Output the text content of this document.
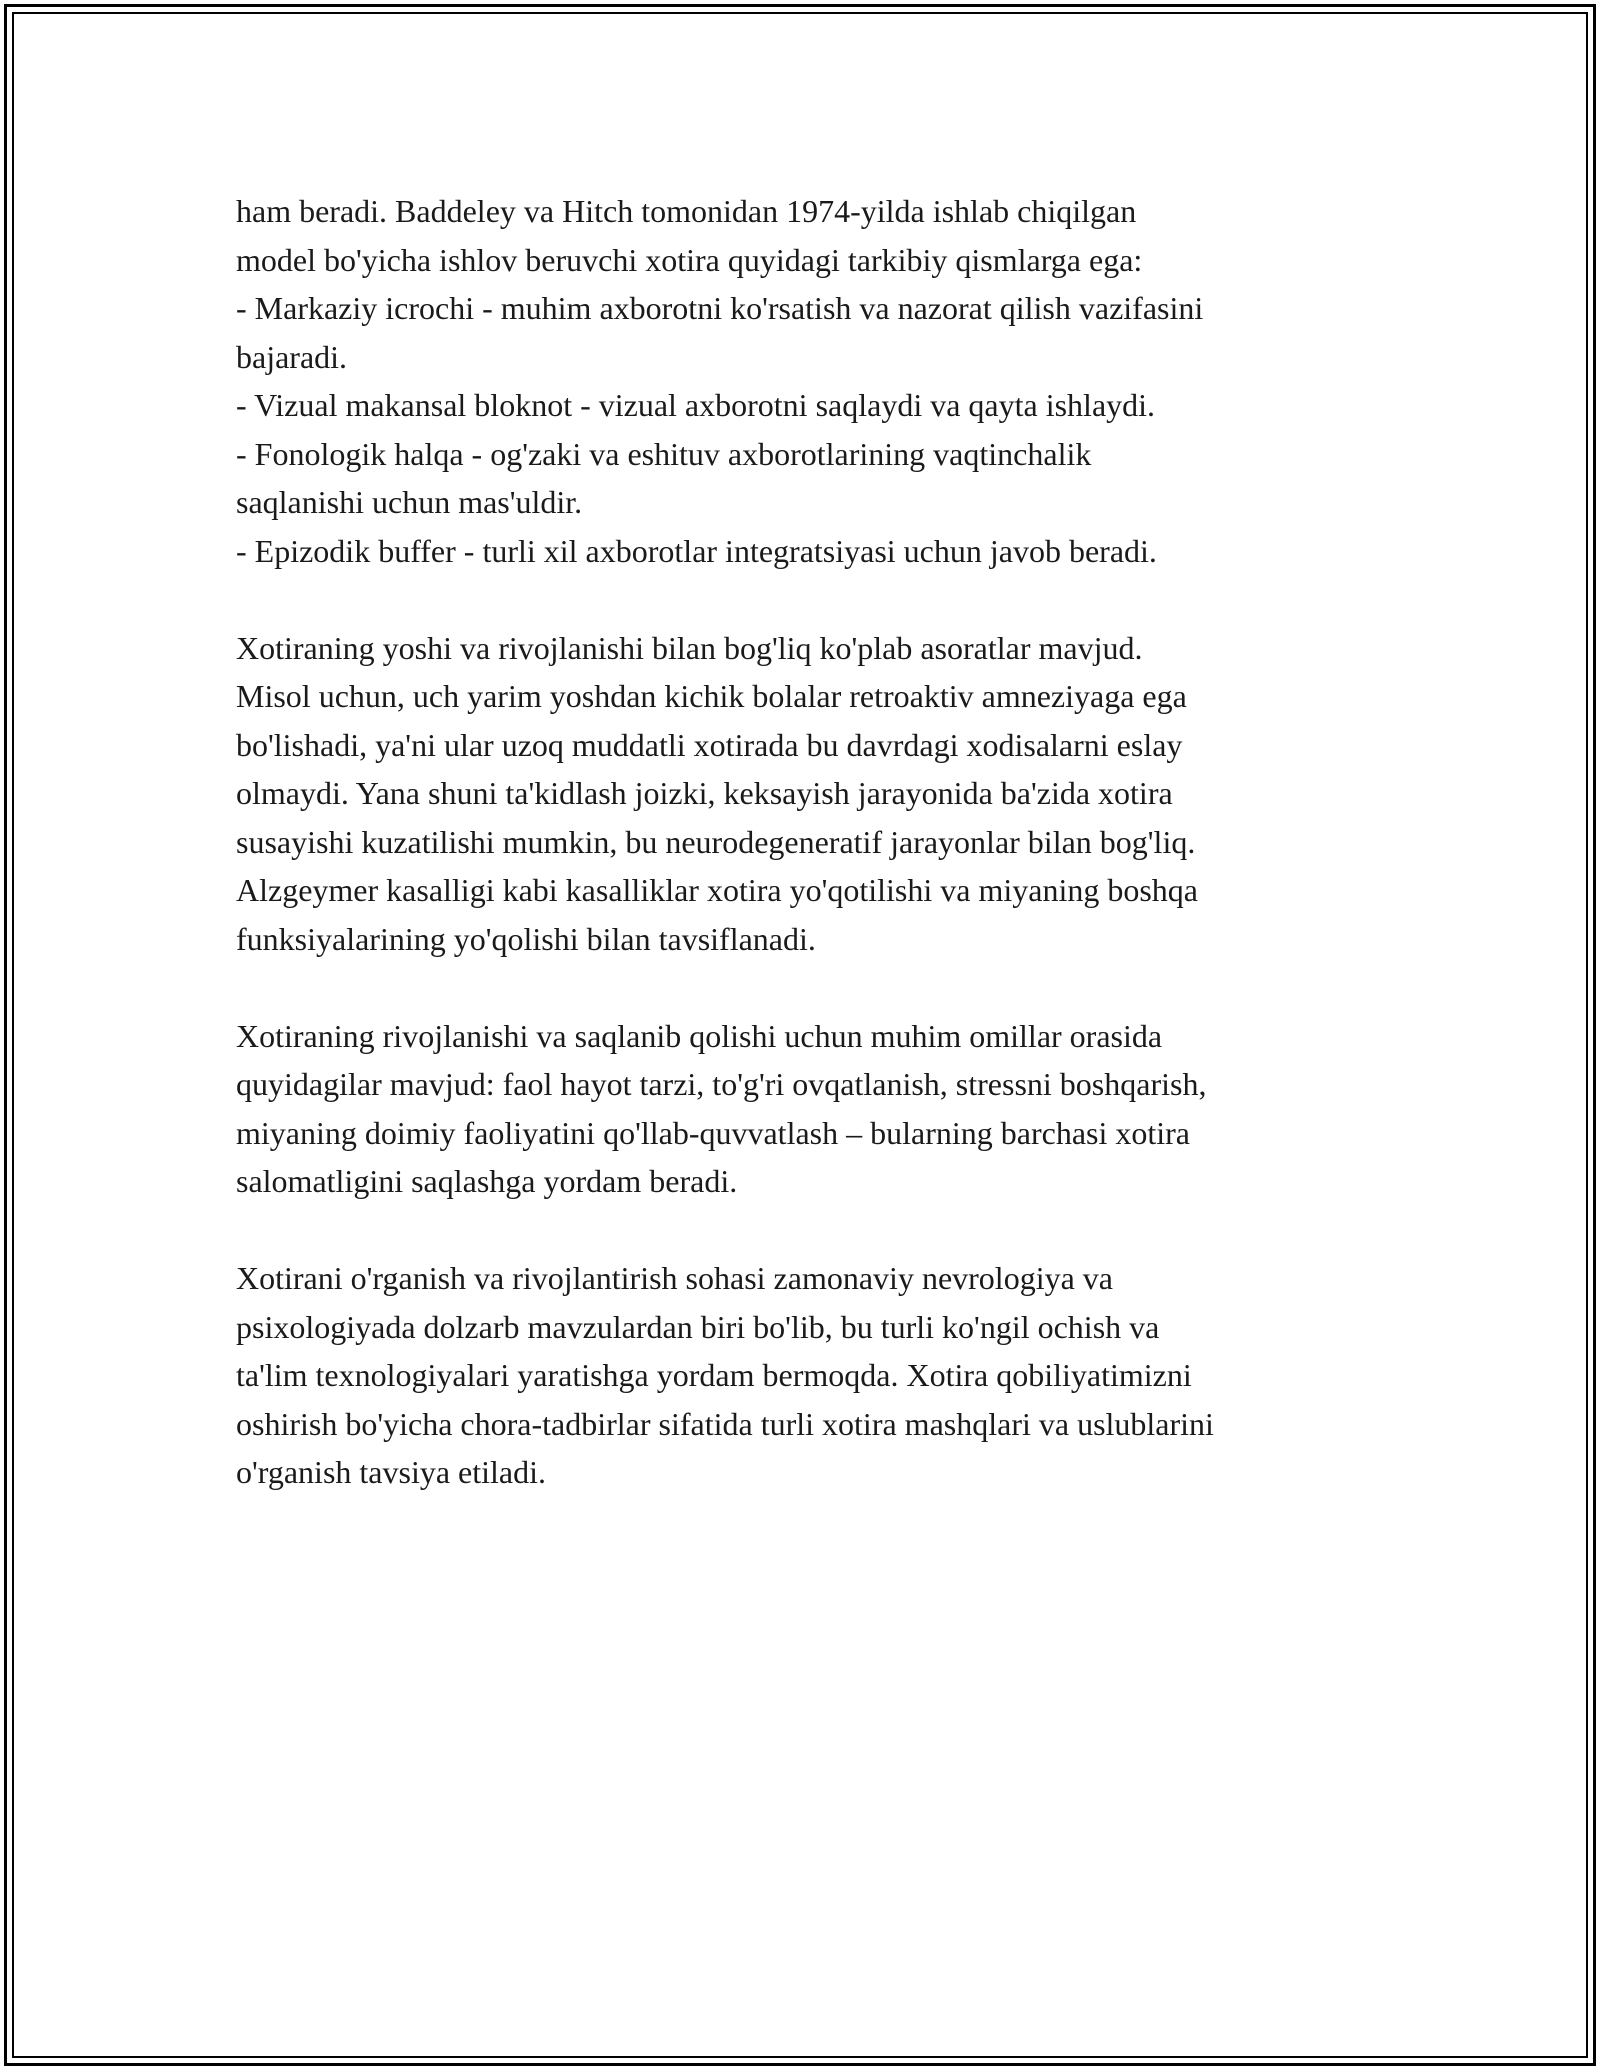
ham beradi. Baddeley va Hitch tomonidan 1974-yilda ishlab chiqilgan
model bo'yicha ishlov beruvchi xotira quyidagi tarkibiy qismlarga ega:
- Markaziy icrochi - muhim axborotni ko'rsatish va nazorat qilish vazifasini
bajaradi.
- Vizual makansal bloknot - vizual axborotni saqlaydi va qayta ishlaydi.
- Fonologik halqa - og'zaki va eshituv axborotlarining vaqtinchalik
saqlanishi uchun mas'uldir.
- Epizodik buffer - turli xil axborotlar integratsiyasi uchun javob beradi.

Xotiraning yoshi va rivojlanishi bilan bog'liq ko'plab asoratlar mavjud.
Misol uchun, uch yarim yoshdan kichik bolalar retroaktiv amneziyaga ega
bo'lishadi, ya'ni ular uzoq muddatli xotirada bu davrdagi xodisalarni eslay
olmaydi. Yana shuni ta'kidlash joizki, keksayish jarayonida ba'zida xotira
susayishi kuzatilishi mumkin, bu neurodegeneratif jarayonlar bilan bog'liq.
Alzgeymer kasalligi kabi kasalliklar xotira yo'qotilishi va miyaning boshqa
funksiyalarining yo'qolishi bilan tavsiflanadi.

Xotiraning rivojlanishi va saqlanib qolishi uchun muhim omillar orasida
quyidagilar mavjud: faol hayot tarzi, to'g'ri ovqatlanish, stressni boshqarish,
miyaning doimiy faoliyatini qo'llab-quvvatlash – bularning barchasi xotira
salomatligini saqlashga yordam beradi.

Xotirani o'rganish va rivojlantirish sohasi zamonaviy nevrologiya va
psixologiyada dolzarb mavzulardan biri bo'lib, bu turli ko'ngil ochish va
ta'lim texnologiyalari yaratishga yordam bermoqda. Xotira qobiliyatimizni
oshirish bo'yicha chora-tadbirlar sifatida turli xotira mashqlari va uslublarini
o'rganish tavsiya etiladi.
